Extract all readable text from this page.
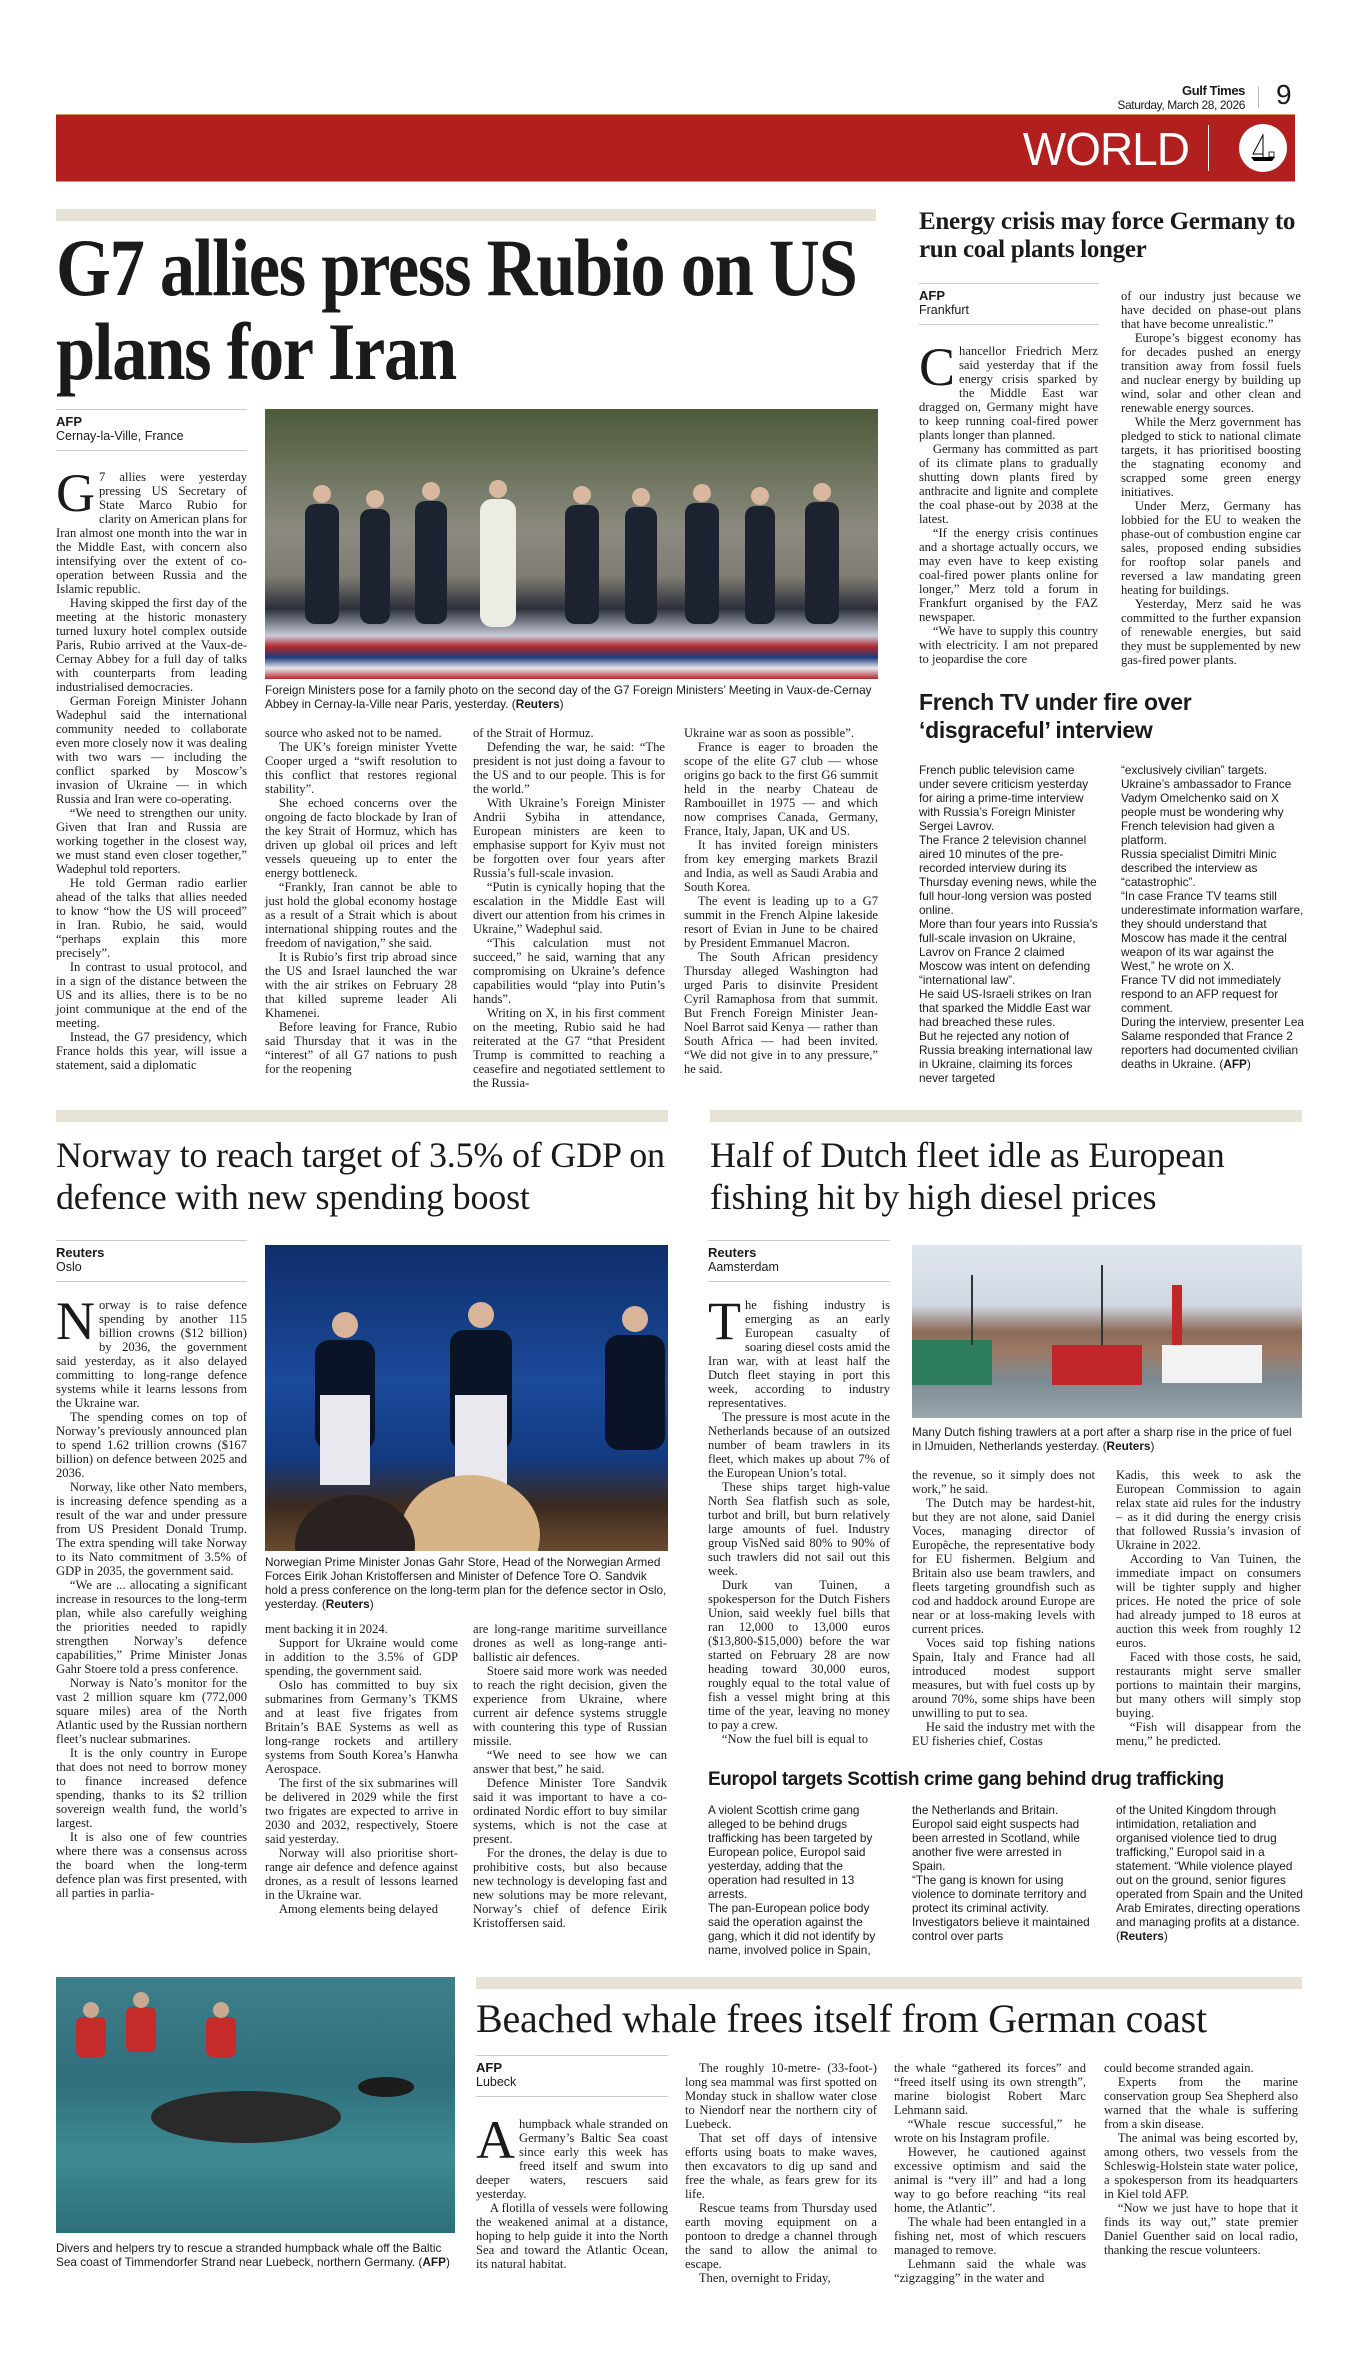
Gulf Times
Saturday, March 28, 2026 9
WORLD
G7 allies press Rubio on US plans for Iran
AFP
Cernay-la-Ville, France

G7 allies were yesterday pressing US Secretary of State Marco Rubio for clarity on American plans for Iran almost one month into the war in the Middle East, with concern also intensifying over the extent of co-operation between Russia and the Islamic republic.

Having skipped the first day of the meeting at the historic monastery turned luxury hotel complex outside Paris, Rubio arrived at the Vaux-de-Cernay Abbey for a full day of talks with counterparts from leading industrialised democracies.

German Foreign Minister Johann Wadephul said the international community needed to collaborate even more closely now it was dealing with two wars — including the conflict sparked by Moscow’s invasion of Ukraine — in which Russia and Iran were co-operating.

“We need to strengthen our unity. Given that Iran and Russia are working together in the closest way, we must stand even closer together,” Wadephul told reporters.

He told German radio earlier ahead of the talks that allies needed to know “how the US will proceed” in Iran. Rubio, he said, would “perhaps explain this more precisely”.

In contrast to usual protocol, and in a sign of the distance between the US and its allies, there is to be no joint communique at the end of the meeting.

Instead, the G7 presidency, which France holds this year, will issue a statement, said a diplomatic

Foreign Ministers pose for a family photo on the second day of the G7 Foreign Ministers’ Meeting in Vaux-de-Cernay Abbey in Cernay-la-Ville near Paris, yesterday. ( Reuters )

source who asked not to be named.

The UK’s foreign minister Yvette Cooper urged a “swift resolution to this conflict that restores regional stability”.

She echoed concerns over the ongoing de facto blockade by Iran of the key Strait of Hormuz, which has driven up global oil prices and left vessels queueing up to enter the energy bottleneck.

“Frankly, Iran cannot be able to just hold the global economy hostage as a result of a Strait which is about international shipping routes and the freedom of navigation,” she said.

It is Rubio’s first trip abroad since the US and Israel launched the war with the air strikes on February 28 that killed supreme leader Ali Khamenei.

Before leaving for France, Rubio said Thursday that it was in the “interest” of all G7 nations to push for the reopening

of the Strait of Hormuz.

Defending the war, he said: “The president is not just doing a favour to the US and to our people. This is for the world.”

With Ukraine’s Foreign Minister Andrii Sybiha in attendance, European ministers are keen to emphasise support for Kyiv must not be forgotten over four years after Russia’s full-scale invasion.

“Putin is cynically hoping that the escalation in the Middle East will divert our attention from his crimes in Ukraine,” Wadephul said.

“This calculation must not succeed,” he said, warning that any compromising on Ukraine’s defence capabilities would “play into Putin’s hands”.

Writing on X, in his first comment on the meeting, Rubio said he had reiterated at the G7 “that President Trump is committed to reaching a ceasefire and negotiated settlement to the Russia-

Ukraine war as soon as possible”.

France is eager to broaden the scope of the elite G7 club — whose origins go back to the first G6 summit held in the nearby Chateau de Rambouillet in 1975 — and which now comprises Canada, Germany, France, Italy, Japan, UK and US.

It has invited foreign ministers from key emerging markets Brazil and India, as well as Saudi Arabia and South Korea.

The event is leading up to a G7 summit in the French Alpine lakeside resort of Evian in June to be chaired by President Emmanuel Macron.

The South African presidency Thursday alleged Washington had urged Paris to disinvite President Cyril Ramaphosa from that summit. But French Foreign Minister Jean-Noel Barrot said Kenya — rather than South Africa — had been invited. “We did not give in to any pressure,” he said.

Energy crisis may force Germany to run coal plants longer
AFP
Frankfurt

Chancellor Friedrich Merz said yesterday that if the energy crisis sparked by the Middle East war dragged on, Germany might have to keep running coal-fired power plants longer than planned.

Germany has committed as part of its climate plans to gradually shutting down plants fired by anthracite and lignite and complete the coal phase-out by 2038 at the latest.

“If the energy crisis continues and a shortage actually occurs, we may even have to keep existing coal-fired power plants online for longer,” Merz told a forum in Frankfurt organised by the FAZ newspaper.

“We have to supply this country with electricity. I am not prepared to jeopardise the core

of our industry just because we have decided on phase-out plans that have become unrealistic.”

Europe’s biggest economy has for decades pushed an energy transition away from fossil fuels and nuclear energy by building up wind, solar and other clean and renewable energy sources.

While the Merz government has pledged to stick to national climate targets, it has prioritised boosting the stagnating economy and scrapped some green energy initiatives.

Under Merz, Germany has lobbied for the EU to weaken the phase-out of combustion engine car sales, proposed ending subsidies for rooftop solar panels and reversed a law mandating green heating for buildings.

Yesterday, Merz said he was committed to the further expansion of renewable energies, but said they must be supplemented by new gas-fired power plants.

French TV under fire over ‘disgraceful’ interview

French public television came under severe criticism yesterday for airing a prime-time interview with Russia’s Foreign Minister Sergei Lavrov.

The France 2 television channel aired 10 minutes of the pre-recorded interview during its Thursday evening news, while the full hour-long version was posted online.

More than four years into Russia’s full-scale invasion on Ukraine, Lavrov on France 2 claimed Moscow was intent on defending “international law”.

He said US-Israeli strikes on Iran that sparked the Middle East war had breached these rules.

But he rejected any notion of Russia breaking international law in Ukraine, claiming its forces never targeted

“exclusively civilian” targets.

Ukraine’s ambassador to France Vadym Omelchenko said on X people must be wondering why French television had given a platform.

Russia specialist Dimitri Minic described the interview as “catastrophic”.

“In case France TV teams still underestimate information warfare, they should understand that Moscow has made it the central weapon of its war against the West,” he wrote on X.

France TV did not immediately respond to an AFP request for comment.

During the interview, presenter Lea Salame responded that France 2 reporters had documented civilian deaths in Ukraine. ( AFP )

Norway to reach target of 3.5% of GDP on defence with new spending boost
Reuters
Oslo

Norway is to raise defence spending by another 115 billion crowns ($12 billion) by 2036, the government said yesterday, as it also delayed committing to long-range defence systems while it learns lessons from the Ukraine war.

The spending comes on top of Norway’s previously announced plan to spend 1.62 trillion crowns ($167 billion) on defence between 2025 and 2036.

Norway, like other Nato members, is increasing defence spending as a result of the war and under pressure from US President Donald Trump. The extra spending will take Norway to its Nato commitment of 3.5% of GDP in 2035, the government said.

“We are ... allocating a significant increase in resources to the long-term plan, while also carefully weighing the priorities needed to rapidly strengthen Norway’s defence capabilities,” Prime Minister Jonas Gahr Stoere told a press conference.

Norway is Nato’s monitor for the vast 2 million square km (772,000 square miles) area of the North Atlantic used by the Russian northern fleet’s nuclear submarines.

It is the only country in Europe that does not need to borrow money to finance increased defence spending, thanks to its $2 trillion sovereign wealth fund, the world’s largest.

It is also one of few countries where there was a consensus across the board when the long-term defence plan was first presented, with all parties in parlia-

Norwegian Prime Minister Jonas Gahr Store, Head of the Norwegian Armed Forces Eirik Johan Kristoffersen and Minister of Defence Tore O. Sandvik hold a press conference on the long-term plan for the defence sector in Oslo, yesterday. ( Reuters )

ment backing it in 2024.

Support for Ukraine would come in addition to the 3.5% of GDP spending, the government said.

Oslo has committed to buy six submarines from Germany’s TKMS and at least five frigates from Britain’s BAE Systems as well as long-range rockets and artillery systems from South Korea’s Hanwha Aerospace.

The first of the six submarines will be delivered in 2029 while the first two frigates are expected to arrive in 2030 and 2032, respectively, Stoere said yesterday.

Norway will also prioritise short-range air defence and defence against drones, as a result of lessons learned in the Ukraine war.

Among elements being delayed

are long-range maritime surveillance drones as well as long-range anti-ballistic air defences.

Stoere said more work was needed to reach the right decision, given the experience from Ukraine, where current air defence systems struggle with countering this type of Russian missile.

“We need to see how we can answer that best,” he said.

Defence Minister Tore Sandvik said it was important to have a co-ordinated Nordic effort to buy similar systems, which is not the case at present.

For the drones, the delay is due to prohibitive costs, but also because new technology is developing fast and new solutions may be more relevant, Norway’s chief of defence Eirik Kristoffersen said.

Half of Dutch fleet idle as European fishing hit by high diesel prices
Reuters
Aamsterdam

The fishing industry is emerging as an early European casualty of soaring diesel costs amid the Iran war, with at least half the Dutch fleet staying in port this week, according to industry representatives.

The pressure is most acute in the Netherlands because of an outsized number of beam trawlers in its fleet, which makes up about 7% of the European Union’s total.

These ships target high-value North Sea flatfish such as sole, turbot and brill, but burn relatively large amounts of fuel. Industry group VisNed said 80% to 90% of such trawlers did not sail out this week.

Durk van Tuinen, a spokesperson for the Dutch Fishers Union, said weekly fuel bills that ran 12,000 to 13,000 euros ($13,800-$15,000) before the war started on February 28 are now heading toward 30,000 euros, roughly equal to the total value of fish a vessel might bring at this time of the year, leaving no money to pay a crew.

“Now the fuel bill is equal to

Many Dutch fishing trawlers at a port after a sharp rise in the price of fuel in IJmuiden, Netherlands yesterday. ( Reuters )

the revenue, so it simply does not work,” he said.

The Dutch may be hardest-hit, but they are not alone, said Daniel Voces, managing director of Europêche, the representative body for EU fishermen. Belgium and Britain also use beam trawlers, and fleets targeting groundfish such as cod and haddock around Europe are near or at loss-making levels with current prices.

Voces said top fishing nations Spain, Italy and France had all introduced modest support measures, but with fuel costs up by around 70%, some ships have been unwilling to put to sea.

He said the industry met with the EU fisheries chief, Costas

Kadis, this week to ask the European Commission to again relax state aid rules for the industry – as it did during the energy crisis that followed Russia’s invasion of Ukraine in 2022.

According to Van Tuinen, the immediate impact on consumers will be tighter supply and higher prices. He noted the price of sole had already jumped to 18 euros at auction this week from roughly 12 euros.

Faced with those costs, he said, restaurants might serve smaller portions to maintain their margins, but many others will simply stop buying.

“Fish will disappear from the menu,” he predicted.

Europol targets Scottish crime gang behind drug trafficking

A violent Scottish crime gang alleged to be behind drugs trafficking has been targeted by European police, Europol said yesterday, adding that the operation had resulted in 13 arrests.

The pan-European police body said the operation against the gang, which it did not identify by name, involved police in Spain,

the Netherlands and Britain.

Europol said eight suspects had been arrested in Scotland, while another five were arrested in Spain.

“The gang is known for using violence to dominate territory and protect its criminal activity. Investigators believe it maintained control over parts

of the United Kingdom through intimidation, retaliation and organised violence tied to drug trafficking,” Europol said in a statement. “While violence played out on the ground, senior figures operated from Spain and the United Arab Emirates, directing operations and managing profits at a distance. ( Reuters )

Divers and helpers try to rescue a stranded humpback whale off the Baltic Sea coast of Timmendorfer Strand near Luebeck, northern Germany. ( AFP )
Beached whale frees itself from German coast
AFP
Lubeck

Ahumpback whale stranded on Germany’s Baltic Sea coast since early this week has freed itself and swum into deeper waters, rescuers said yesterday.

A flotilla of vessels were following the weakened animal at a distance, hoping to help guide it into the North Sea and toward the Atlantic Ocean, its natural habitat.

The roughly 10-metre- (33-foot-) long sea mammal was first spotted on Monday stuck in shallow water close to Niendorf near the northern city of Luebeck.

That set off days of intensive efforts using boats to make waves, then excavators to dig up sand and free the whale, as fears grew for its life.

Rescue teams from Thursday used earth moving equipment on a pontoon to dredge a channel through the sand to allow the animal to escape.

Then, overnight to Friday,

the whale “gathered its forces” and “freed itself using its own strength”, marine biologist Robert Marc Lehmann said.

“Whale rescue successful,” he wrote on his Instagram profile.

However, he cautioned against excessive optimism and said the animal is “very ill” and had a long way to go before reaching “its real home, the Atlantic”.

The whale had been entangled in a fishing net, most of which rescuers managed to remove.

Lehmann said the whale was “zigzagging” in the water and

could become stranded again.

Experts from the marine conservation group Sea Shepherd also warned that the whale is suffering from a skin disease.

The animal was being escorted by, among others, two vessels from the Schleswig-Holstein state water police, a spokesperson from its headquarters in Kiel told AFP.

“Now we just have to hope that it finds its way out,” state premier Daniel Guenther said on local radio, thanking the rescue volunteers.
